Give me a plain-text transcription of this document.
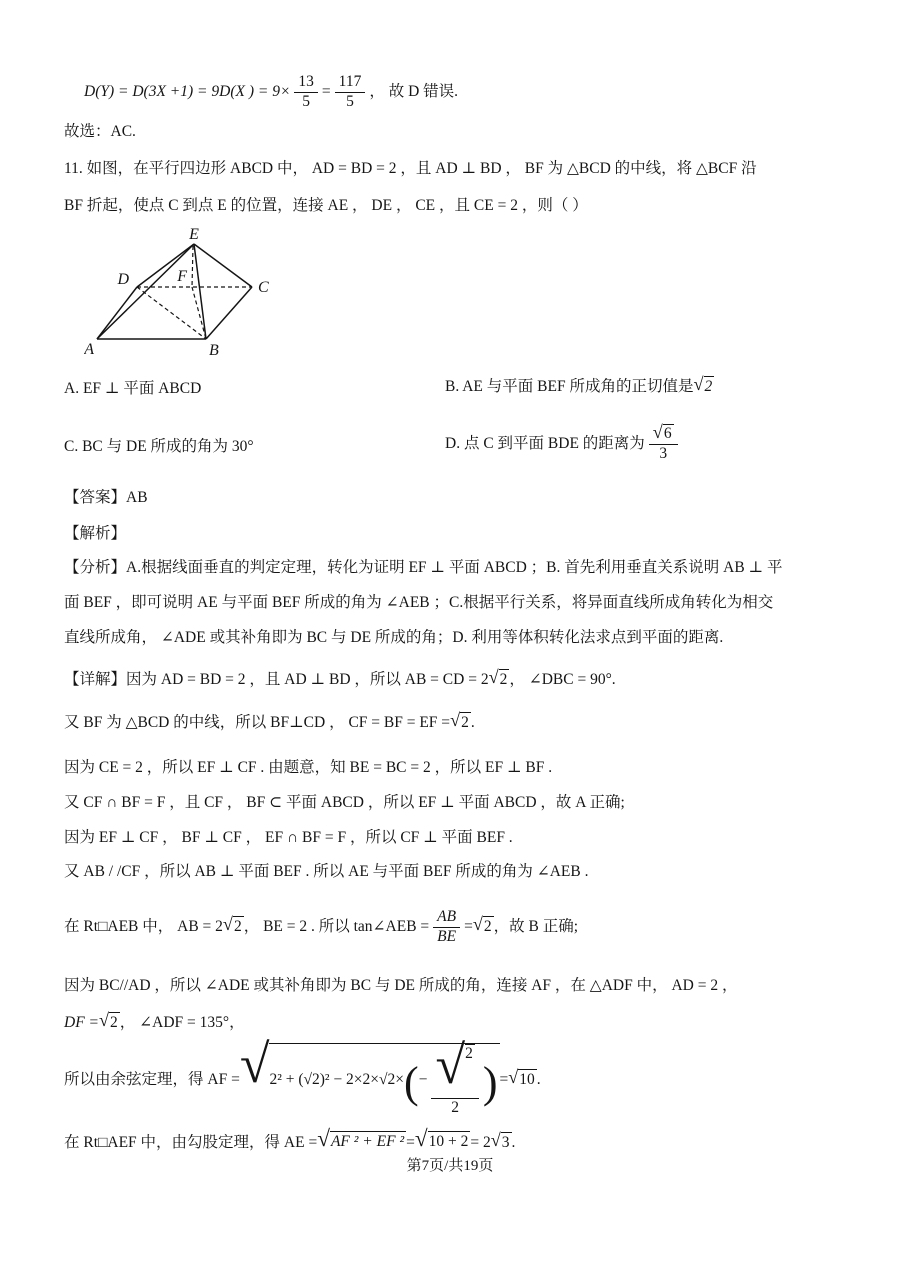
D(Y) = D(3X +1) = 9D(X ) = $9\times \frac{13}{5} = \frac{117}{5}$ ， 故 D 错误.
故选：AC.
11. 如图，在平行四边形 ABCD 中， AD = BD = 2 ，且 AD ⊥ BD ， BF 为 △BCD 的中线，将 △BCF 沿
BF 折起，使点 C 到点 E 的位置，连接 AE ， DE ， CE ，且 CE = 2 ，则（ ）
E
D	F
C
A	B
A. EF ⊥ 平面 ABCD	B. AE 与平面 BEF 所成角的正切值是 √ 2
C. BC 与 DE 所成的角为 30°	D. 点 C 到平面 BDE 的距离为 $\frac{√ 6}{3}$
【答案】 AB
【解析】
【分析】A.根据线面垂直的判定定理，转化为证明 EF ⊥ 平面 ABCD ；B. 首先利用垂直关系说明 AB ⊥ 平
面 BEF ，即可说明 AE 与平面 BEF 所成的角为 ∠AEB ；C.根据平行关系，将异面直线所成角转化为相交
直线所成角， ∠ADE 或其补角即为 BC 与 DE 所成的角；D. 利用等体积转化法求点到平面的距离.
【详解】因为 AD = BD = 2 ，且 AD ⊥ BD ，所以 AB = CD = 2 √ 2 ， ∠DBC = 90°.
又 BF 为 △BCD 的中线，所以 BF⊥CD ， CF = BF = EF = √ 2 .
因为 CE = 2 ，所以 EF ⊥ CF . 由题意，知 BE = BC = 2 ，所以 EF ⊥ BF .
又 CF ∩ BF = F ，且 CF ， BF ⊂ 平面 ABCD ，所以 EF ⊥ 平面 ABCD ，故 A 正确;
因为 EF ⊥ CF ， BF ⊥ CF ， EF ∩ BF = F ，所以 CF ⊥ 平面 BEF .
又 AB / /CF ，所以 AB ⊥ 平面 BEF . 所以 AE 与平面 BEF 所成的角为 ∠AEB .
在 Rt□AEB 中， AB = 2 √ 2 ， BE = 2 . 所以 tan∠AEB = $\frac{AB}{BE}$ = √ 2 ，故 B 正确;
因为 BC//AD ，所以 ∠ADE 或其补角即为 BC 与 DE 所成的角，连接 AF ，在 △ADF 中， AD = 2 ，
DF = √ 2 ， ∠ADF = 135°，
所以由余弦定理，得 AF = √ 2² + (√2)² − 2×2×√2× ( − $\frac{√ 2}{2}$ ) = √ 10 .
在 Rt□AEF 中，由勾股定理，得 AE = √ AF ² + EF ² = √ 10 + 2 = 2 √ 3 .
第7页/共19页
